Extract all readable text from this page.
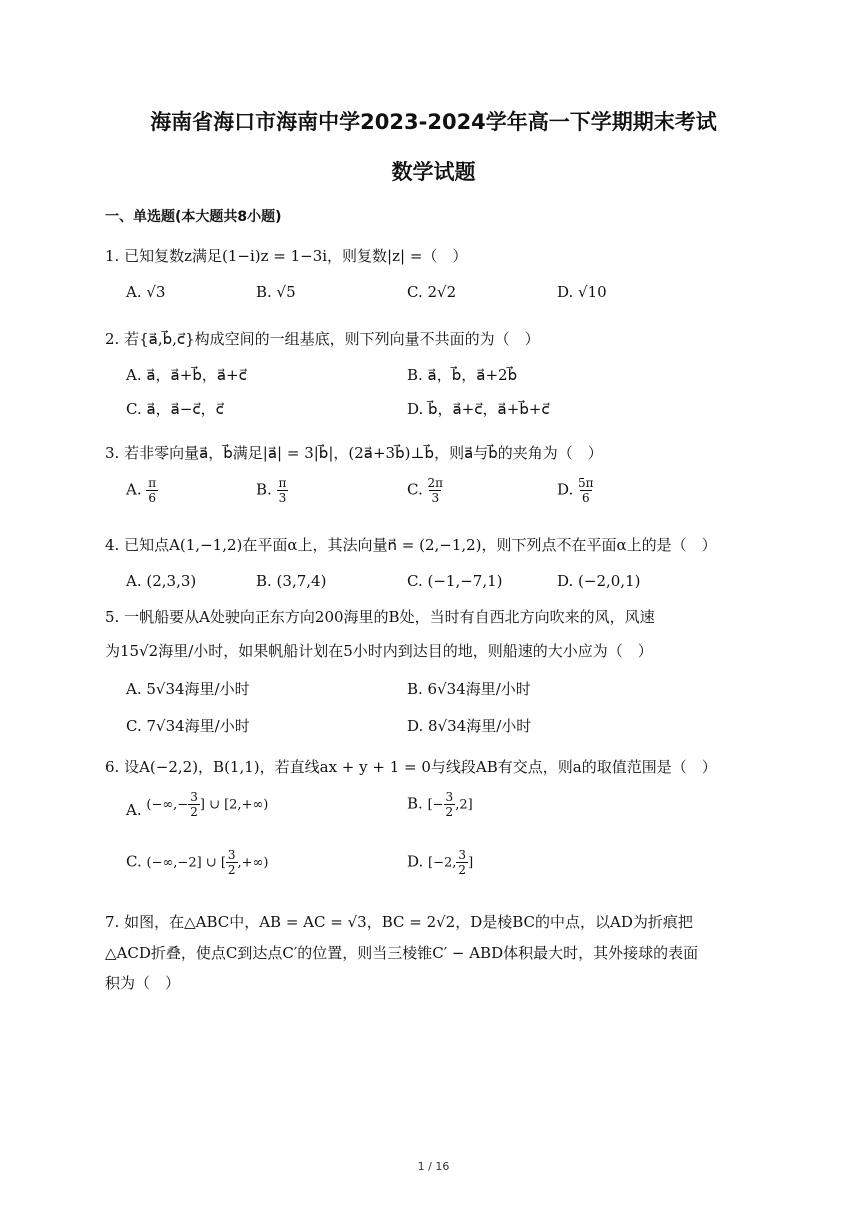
海南省海口市海南中学2023-2024学年高一下学期期末考试
数学试题
一、单选题(本大题共8小题)
1. 已知复数z满足(1−i)z = 1−3i，则复数|z| =（　）
A. √3	B. √5	C. 2√2	D. √10
2. 若{a⃗,b⃗,c⃗}构成空间的一组基底，则下列向量不共面的为（　）
A. a⃗，a⃗+b⃗，a⃗+c⃗	B. a⃗，b⃗，a⃗+2b⃗
C. a⃗，a⃗−c⃗，c⃗	D. b⃗，a⃗+c⃗，a⃗+b⃗+c⃗
3. 若非零向量a⃗，b⃗满足|a⃗| = 3|b⃗|，(2a⃗+3b⃗)⊥b⃗，则a⃗与b⃗的夹角为（　）
A. $\frac{\pi}{6}$	B. $\frac{\pi}{3}$	C. $\frac{2\pi}{3}$	D. $\frac{5\pi}{6}$
4. 已知点A(1,−1,2)在平面α上，其法向量n⃗ = (2,−1,2)，则下列点不在平面α上的是（　）
A. (2,3,3)	B. (3,7,4)	C. (−1,−7,1)	D. (−2,0,1)
5. 一帆船要从A处驶向正东方向200海里的B处，当时有自西北方向吹来的风，风速
为15√2海里/小时，如果帆船计划在5小时内到达目的地，则船速的大小应为（　）
A. 5√34海里/小时	B. 6√34海里/小时
C. 7√34海里/小时	D. 8√34海里/小时
6. 设A(−2,2)，B(1,1)，若直线ax + y + 1 = 0与线段AB有交点，则a的取值范围是（　）
A. (−∞,− $\frac{3}{2}$ ] ∪ [2,+∞)	B. [− $\frac{3}{2} ,2$]
C. (−∞,−2] ∪ [ $\frac{3}{2}$ ,+∞)	D. [−2, $\frac{3}{2}$ ]
7. 如图，在△ABC中，AB = AC = √3，BC = 2√2，D是棱BC的中点，以AD为折痕把
△ACD折叠，使点C到达点C′的位置，则当三棱锥C′ − ABD体积最大时，其外接球的表面
积为（　）
1 / 16
